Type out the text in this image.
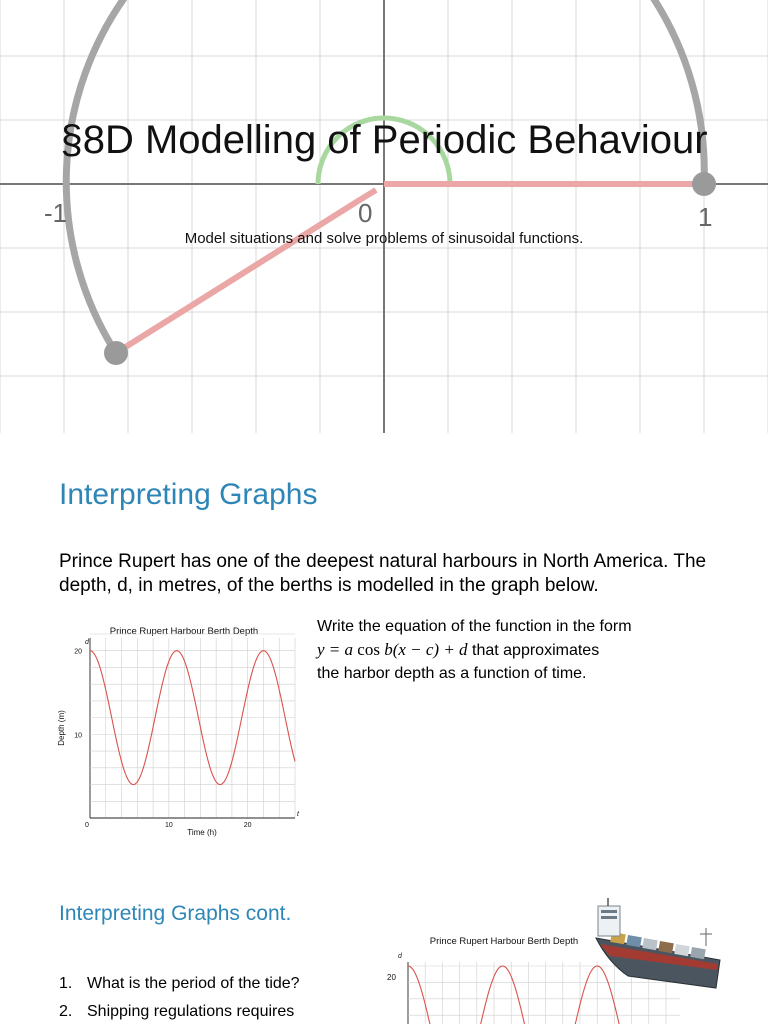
-1	0	1
§8D Modelling of Periodic Behaviour
Model situations and solve problems of sinusoidal functions.
Interpreting Graphs
Prince Rupert has one of the deepest natural harbours in North America. The depth, d, in metres, of the berths is modelled in the graph below.
Prince Rupert Harbour Berth Depth
d
t
20
10
0	10	20
Time (h)
Depth (m)
Write the equation of the function in the form
y = a cos b(x − c) + d that approximates
the harbor depth as a function of time.
Interpreting Graphs cont.
1. What is the period of the tide?
2. Shipping regulations requires
Prince Rupert Harbour Berth Depth
d
20
